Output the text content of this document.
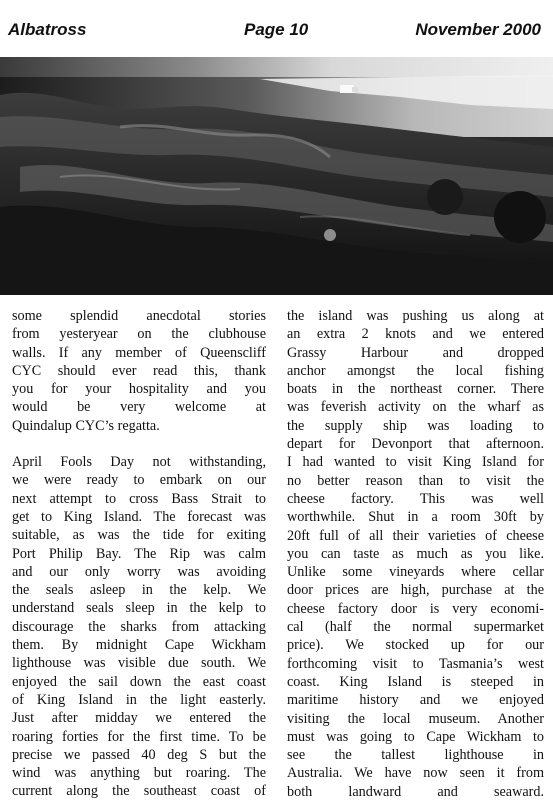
Albatross	Page 10	November 2000

some splendid anecdotal stories
from yesteryear on the clubhouse
walls. If any member of Queenscliff
CYC should ever read this, thank
you for your hospitality and you
would be very welcome at
Quindalup CYC’s regatta.

April Fools Day not withstanding,
we were ready to embark on our
next attempt to cross Bass Strait to
get to King Island. The forecast was
suitable, as was the tide for exiting
Port Philip Bay. The Rip was calm
and our only worry was avoiding
the seals asleep in the kelp. We
understand seals sleep in the kelp to
discourage the sharks from attacking
them. By midnight Cape Wickham
lighthouse was visible due south. We
enjoyed the sail down the east coast
of King Island in the light easterly.
Just after midday we entered the
roaring forties for the first time. To be
precise we passed 40 deg S but the
wind was anything but roaring. The
current along the southeast coast of

the island was pushing us along at
an extra 2 knots and we entered
Grassy Harbour and dropped
anchor amongst the local fishing
boats in the northeast corner. There
was feverish activity on the wharf as
the supply ship was loading to
depart for Devonport that afternoon.
I had wanted to visit King Island for
no better reason than to visit the
cheese factory. This was well
worthwhile. Shut in a room 30ft by
20ft full of all their varieties of cheese
you can taste as much as you like.
Unlike some vineyards where cellar
door prices are high, purchase at the
cheese factory door is very economi-
cal (half the normal supermarket
price). We stocked up for our
forthcoming visit to Tasmania’s west
coast. King Island is steeped in
maritime history and we enjoyed
visiting the local museum. Another
must was going to Cape Wickham to
see the tallest lighthouse in
Australia. We have now seen it from
both landward and seaward.
